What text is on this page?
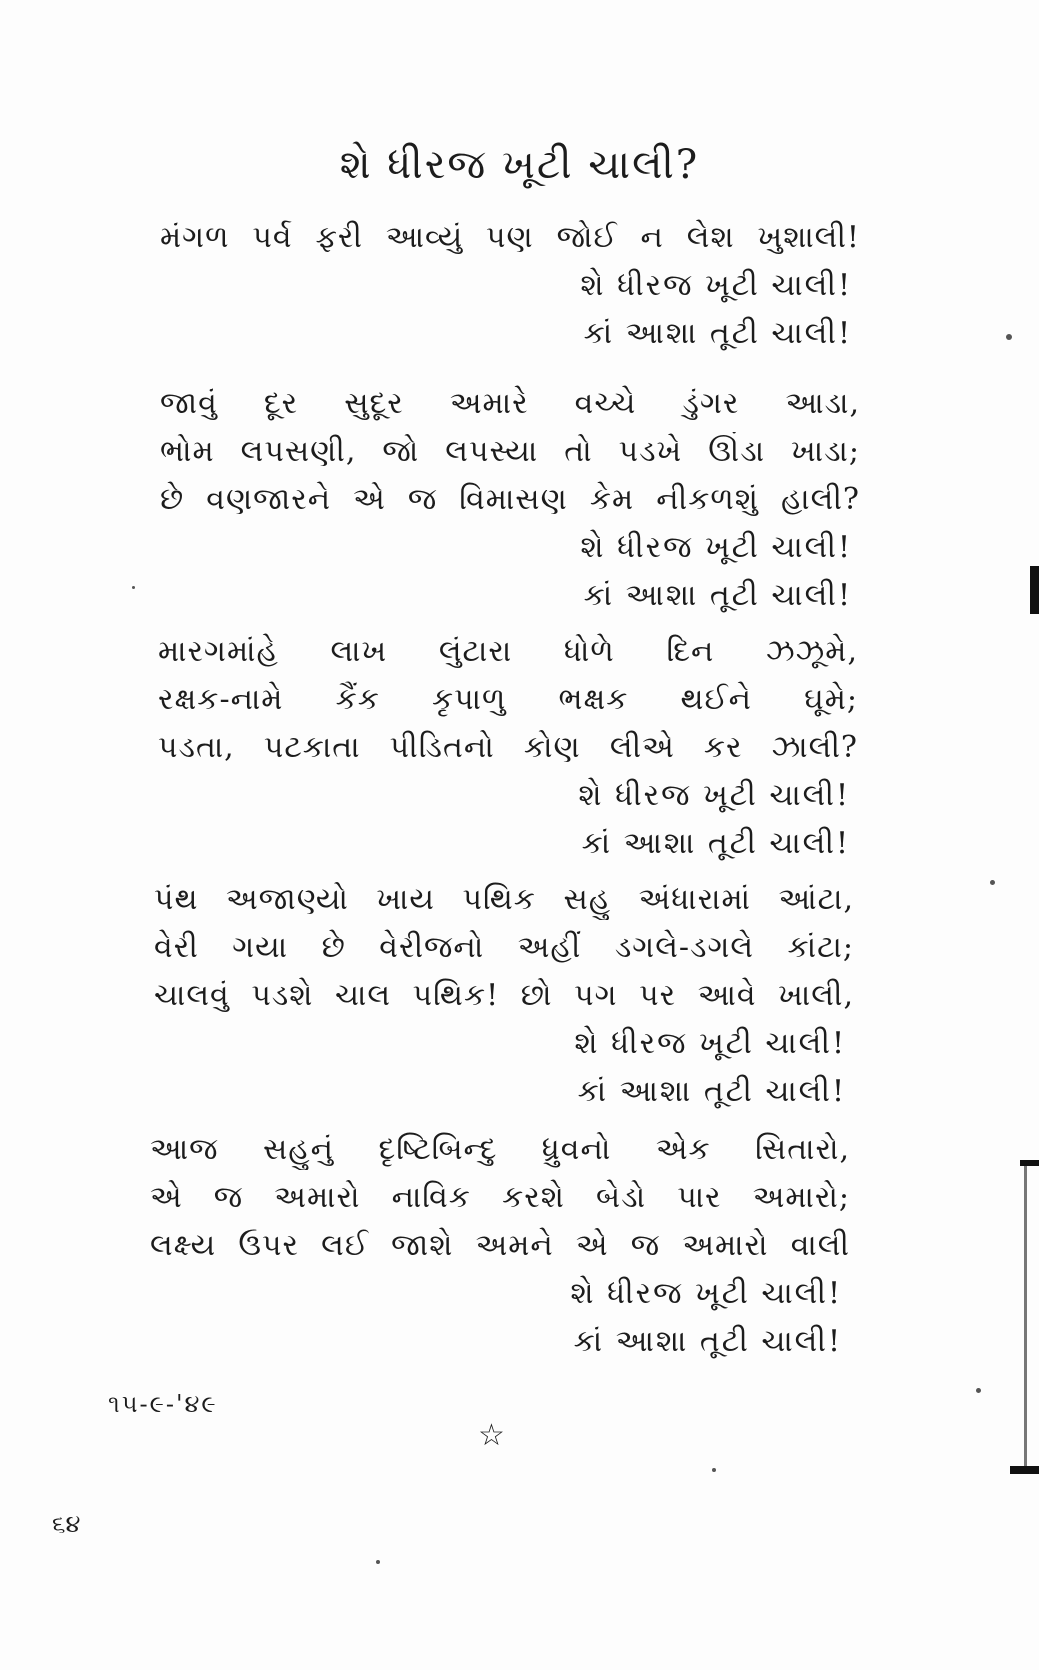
શે ધીરજ ખૂટી ચાલી?
મંગળ પર્વ ફરી આવ્યું પણ જોઈ ન લેશ ખુશાલી!
શે ધીરજ ખૂટી ચાલી!
કાં આશા તૂટી ચાલી!
જાવું દૂર સુદૂર અમારે વચ્ચે ડુંગર આડા,
ભોમ લપસણી, જો લપસ્યા તો પડખે ઊંડા ખાડા;
છે વણજારને એ જ વિમાસણ કેમ નીકળશું હાલી?
શે ધીરજ ખૂટી ચાલી!
કાં આશા તૂટી ચાલી!
મારગમાંહે લાખ લુંટારા ધોળે દિન ઝઝૂમે,
રક્ષક-નામે કૈંક કૃપાળુ ભક્ષક થઈને ઘૂમે;
પડતા, પટકાતા પીડિતનો કોણ લીએ કર ઝાલી?
શે ધીરજ ખૂટી ચાલી!
કાં આશા તૂટી ચાલી!
પંથ અજાણ્યો ખાય પથિક સહુ અંધારામાં આંટા,
વેરી ગયા છે વેરીજનો અહીં ડગલે-ડગલે કાંટા;
ચાલવું પડશે ચાલ પથિક! છો પગ પર આવે ખાલી,
શે ધીરજ ખૂટી ચાલી!
કાં આશા તૂટી ચાલી!
આજ સહુનું દૃષ્ટિબિન્દુ ધ્રુવનો એક સિતારો,
એ જ અમારો નાવિક કરશે બેડો પાર અમારો;
લક્ષ્ય ઉપર લઈ જાશે અમને એ જ અમારો વાલી
શે ધીરજ ખૂટી ચાલી!
કાં આશા તૂટી ચાલી!
૧૫-૯-'૪૯
☆
૬૪
